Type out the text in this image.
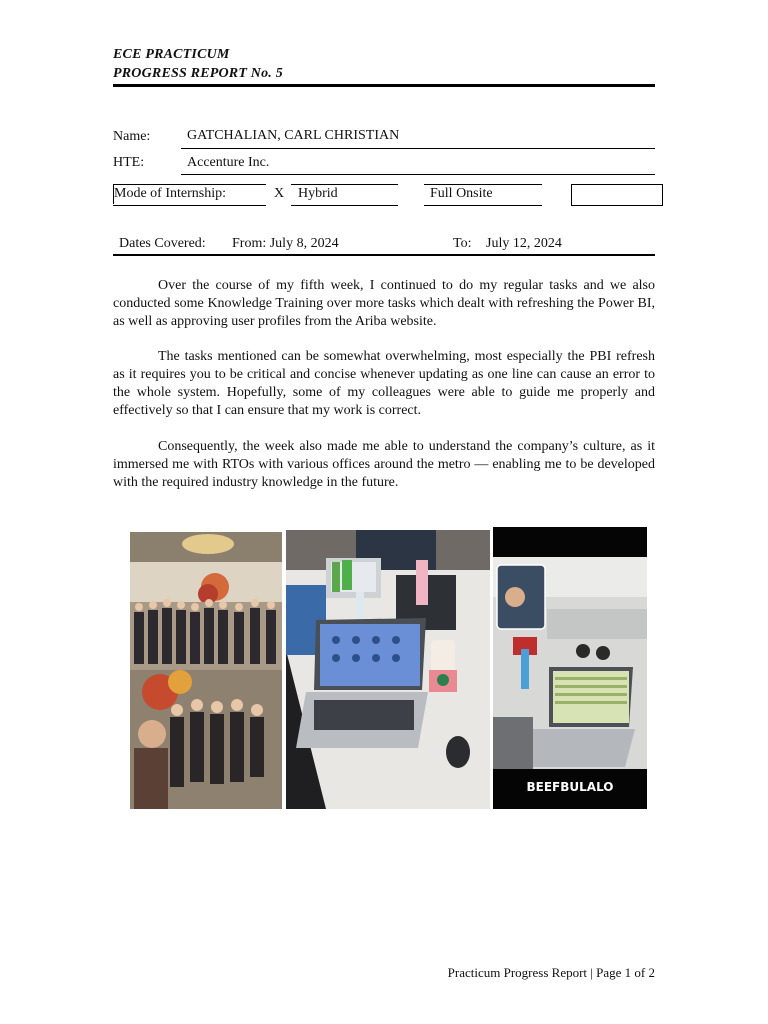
ECE PRACTICUM
PROGRESS REPORT No. 5
Name:	GATCHALIAN, CARL CHRISTIAN
HTE:	Accenture Inc.
Mode of Internship:	X Hybrid	Full Onsite
Dates Covered: From: July 8, 2024	To: July 12, 2024

Over the course of my fifth week, I continued to do my regular tasks and we also conducted some Knowledge Training over more tasks which dealt with refreshing the Power BI, as well as approving user profiles from the Ariba website.

The tasks mentioned can be somewhat overwhelming, most especially the PBI refresh as it requires you to be critical and concise whenever updating as one line can cause an error to the whole system. Hopefully, some of my colleagues were able to guide me properly and effectively so that I can ensure that my work is correct.

Consequently, the week also made me able to understand the company’s culture, as it immersed me with RTOs with various offices around the metro — enabling me to be developed with the required industry knowledge in the future.

BEEFBULALO
Practicum Progress Report | Page 1 of 2
